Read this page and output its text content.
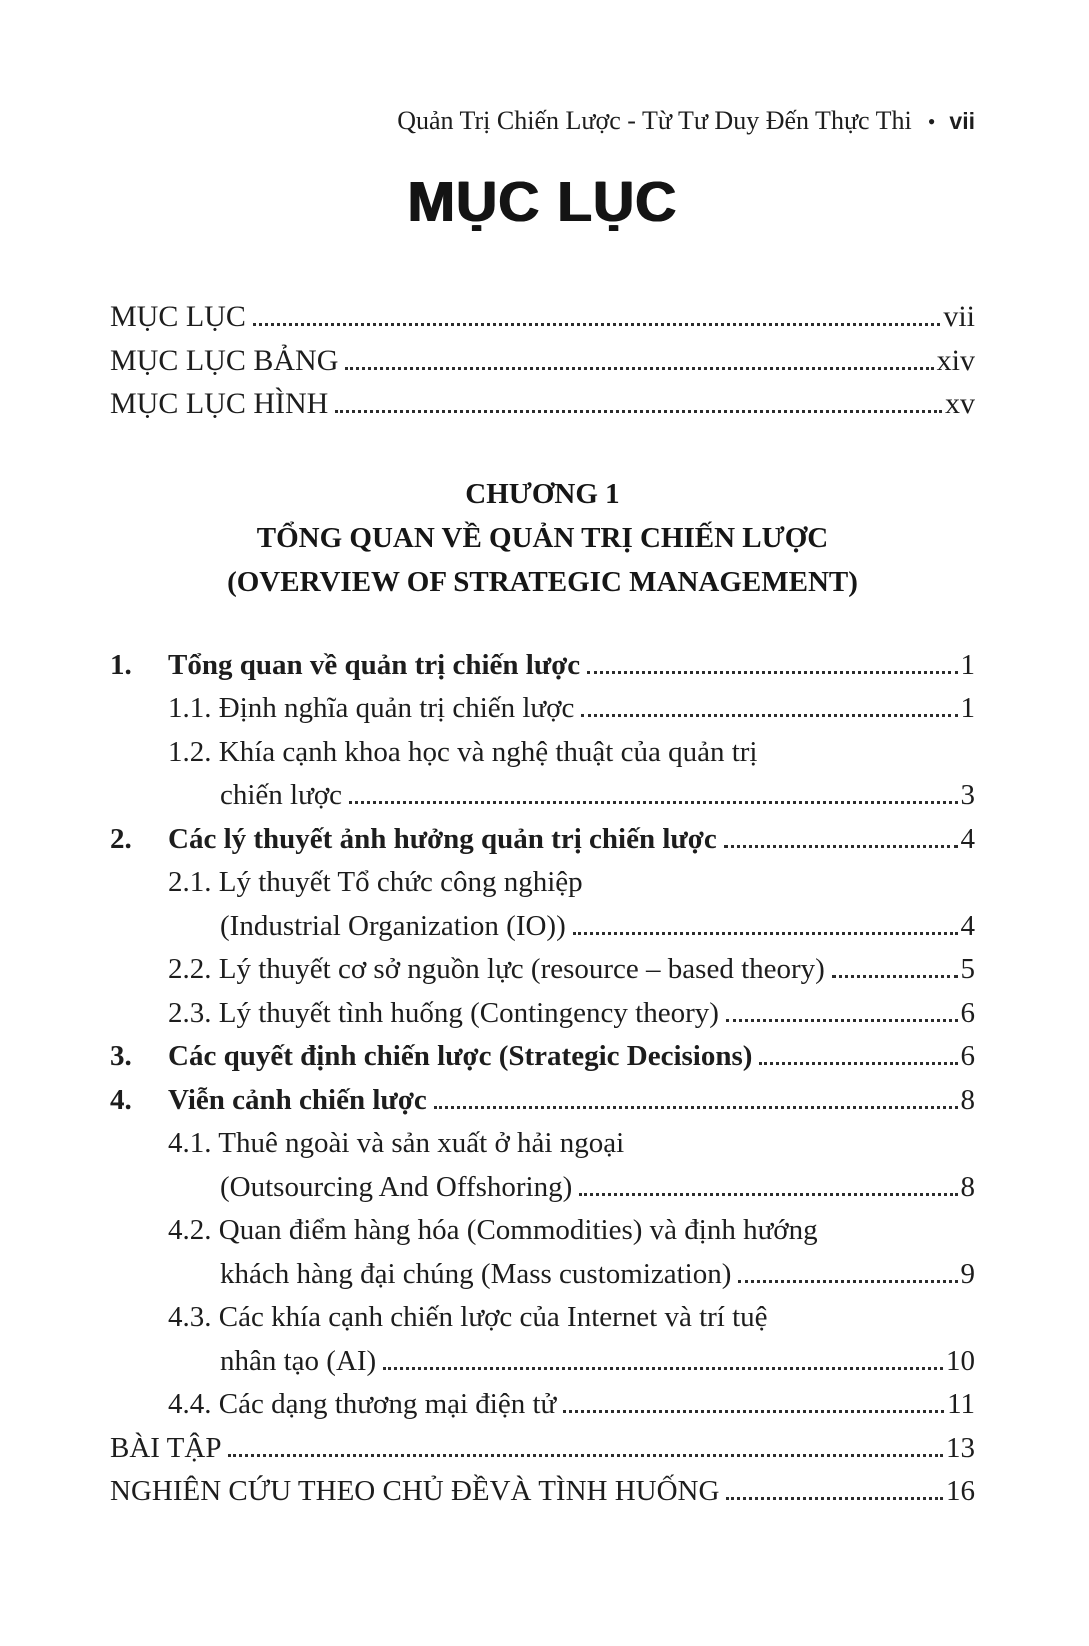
Quản Trị Chiến Lược - Từ Tư Duy Đến Thực Thi • vii
MỤC LỤC
MỤC LỤC	vii
MỤC LỤC BẢNG	xiv
MỤC LỤC HÌNH	xv
CHƯƠNG 1
TỔNG QUAN VỀ QUẢN TRỊ CHIẾN LƯỢC
(OVERVIEW OF STRATEGIC MANAGEMENT)
1.	Tổng quan về quản trị chiến lược	1
1.1. Định nghĩa quản trị chiến lược	1
1.2. Khía cạnh khoa học và nghệ thuật của quản trị
chiến lược	3
2.	Các lý thuyết ảnh hưởng quản trị chiến lược	4
2.1. Lý thuyết Tổ chức công nghiệp
(Industrial Organization (IO))	4
2.2. Lý thuyết cơ sở nguồn lực (resource – based theory)	5
2.3. Lý thuyết tình huống (Contingency theory)	6
3.	Các quyết định chiến lược (Strategic Decisions)	6
4.	Viễn cảnh chiến lược	8
4.1. Thuê ngoài và sản xuất ở hải ngoại
(Outsourcing And Offshoring)	8
4.2. Quan điểm hàng hóa (Commodities) và định hướng
khách hàng đại chúng (Mass customization)	9
4.3. Các khía cạnh chiến lược của Internet và trí tuệ
nhân tạo (AI)	10
4.4. Các dạng thương mại điện tử	11
BÀI TẬP	13
NGHIÊN CỨU THEO CHỦ ĐỀVÀ TÌNH HUỐNG	16
